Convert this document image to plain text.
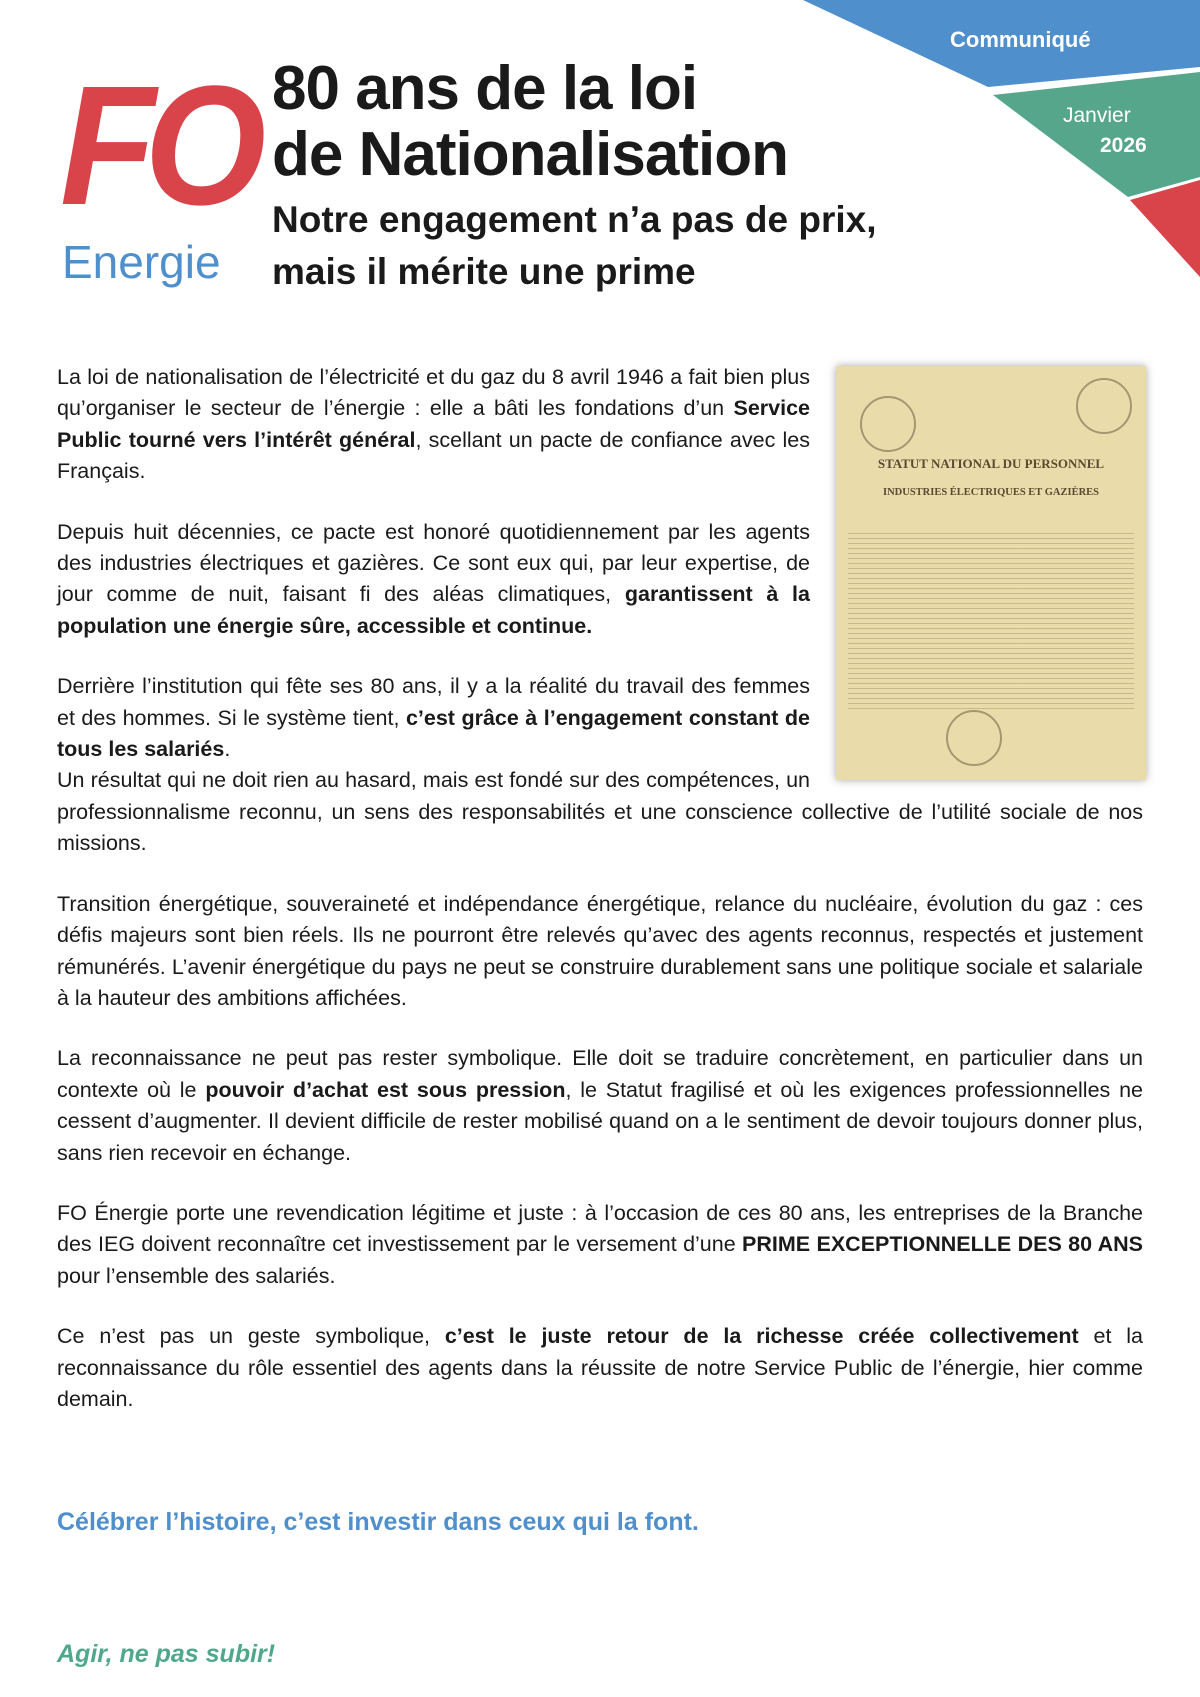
Communiqué
Janvier
2026
FO
Energie
80 ans de la loi
de Nationalisation
Notre engagement n’a pas de prix,
mais il mérite une prime
STATUT NATIONAL DU PERSONNEL
INDUSTRIES ÉLECTRIQUES ET GAZIÈRES

La loi de nationalisation de l’électricité et du gaz du 8 avril 1946 a fait bien plus qu’organiser le secteur de l’énergie : elle a bâti les fondations d’un Service Public tourné vers l’intérêt général, scellant un pacte de confiance avec les Français.

Depuis huit décennies, ce pacte est honoré quotidiennement par les agents des industries électriques et gazières. Ce sont eux qui, par leur expertise, de jour comme de nuit, faisant fi des aléas climatiques, garantissent à la population une énergie sûre, accessible et continue.

Derrière l’institution qui fête ses 80 ans, il y a la réalité du travail des femmes et des hommes. Si le système tient, c’est grâce à l’engagement constant de tous les salariés.
Un résultat qui ne doit rien au hasard, mais est fondé sur des compétences, un professionnalisme reconnu, un sens des responsabilités et une conscience collective de l’utilité sociale de nos missions.

Transition énergétique, souveraineté et indépendance énergétique, relance du nucléaire, évolution du gaz : ces défis majeurs sont bien réels. Ils ne pourront être relevés qu’avec des agents reconnus, respectés et justement rémunérés. L’avenir énergétique du pays ne peut se construire durablement sans une politique sociale et salariale à la hauteur des ambitions affichées.

La reconnaissance ne peut pas rester symbolique. Elle doit se traduire concrètement, en particulier dans un contexte où le pouvoir d’achat est sous pression, le Statut fragilisé et où les exigences professionnelles ne cessent d’augmenter. Il devient difficile de rester mobilisé quand on a le sentiment de devoir toujours donner plus, sans rien recevoir en échange.

FO Énergie porte une revendication légitime et juste : à l’occasion de ces 80 ans, les entreprises de la Branche des IEG doivent reconnaître cet investissement par le versement d’une PRIME EXCEPTIONNELLE DES 80 ANS pour l’ensemble des salariés.

Ce n’est pas un geste symbolique, c’est le juste retour de la richesse créée collectivement et la reconnaissance du rôle essentiel des agents dans la réussite de notre Service Public de l’énergie, hier comme demain.

Célébrer l’histoire, c’est investir dans ceux qui la font.
Agir, ne pas subir!
